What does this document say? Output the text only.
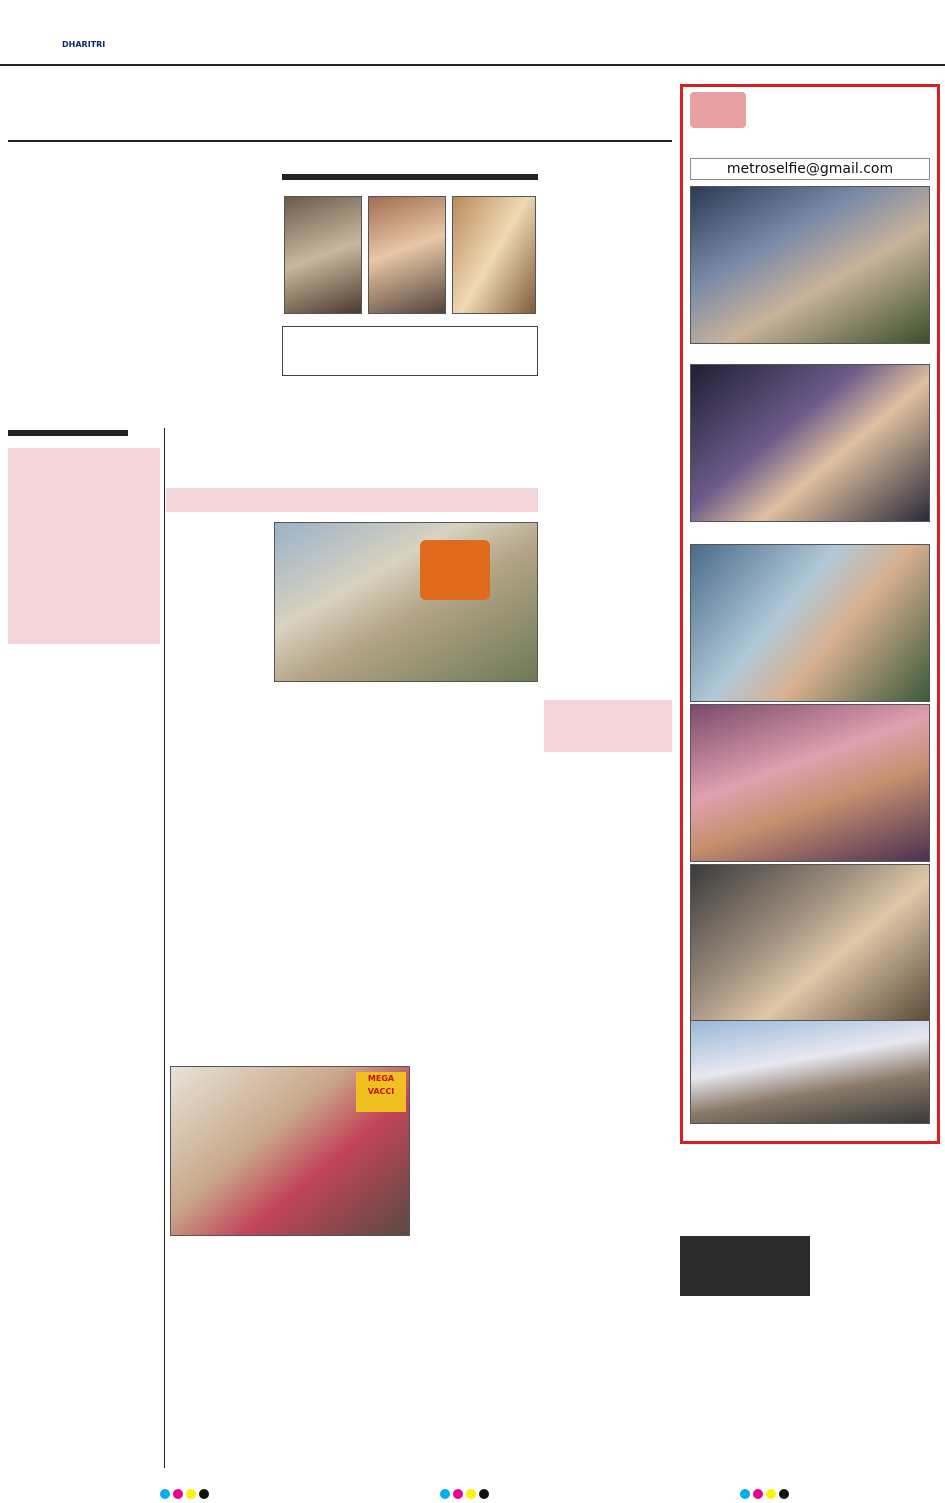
DHARITRI
MEGA VACCI
metroselfie@gmail.com
